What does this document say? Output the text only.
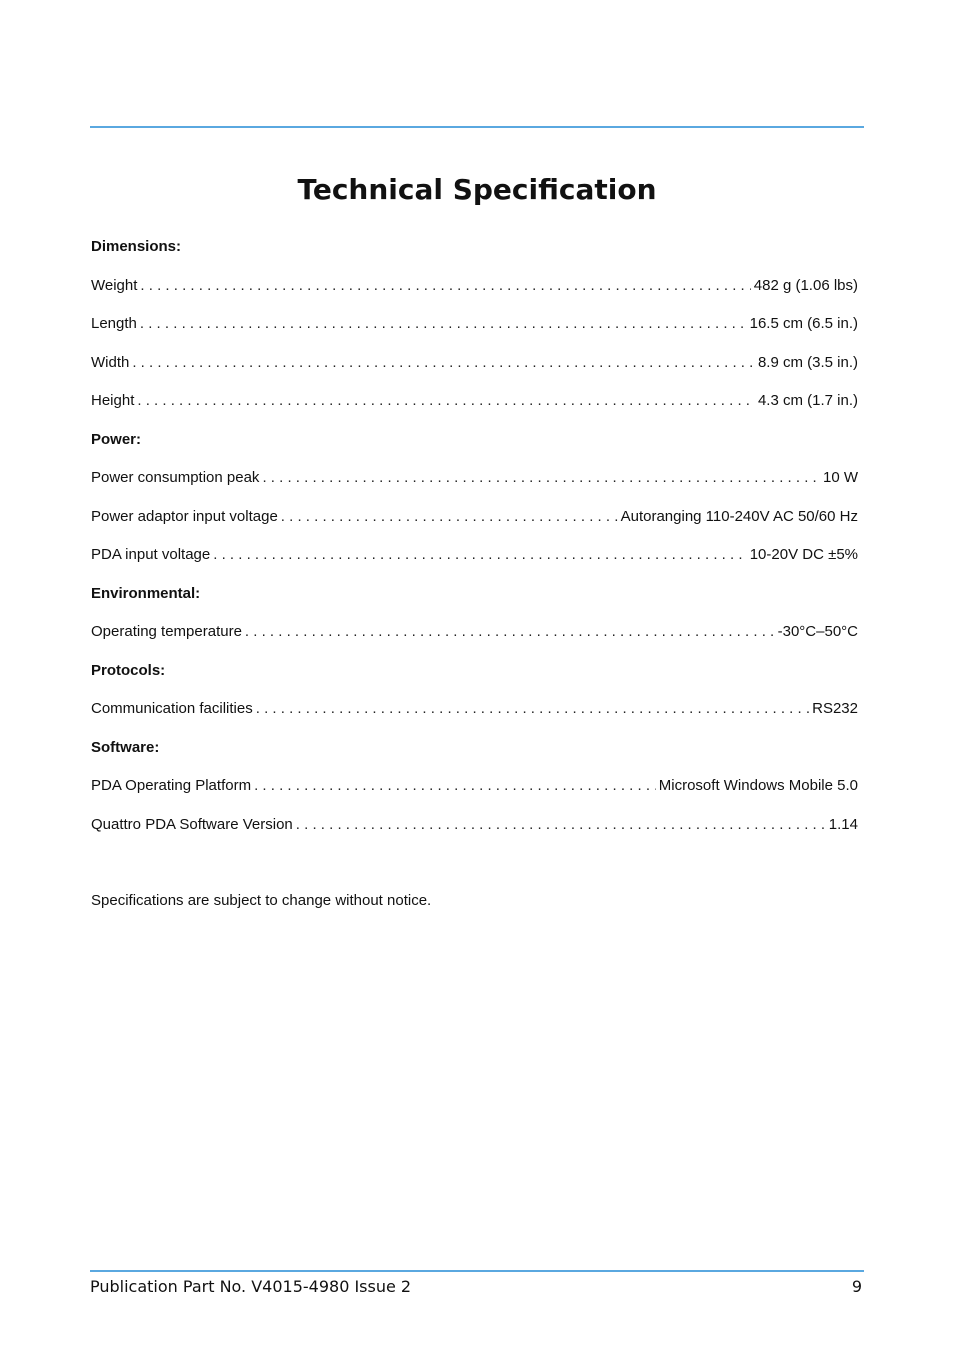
Technical Specification
Dimensions:
Weight . . .	482 g (1.06 lbs)
Length . . .	16.5 cm (6.5 in.)
Width . . .	8.9 cm (3.5 in.)
Height . . .	4.3 cm (1.7 in.)
Power:
Power consumption peak . . .	10 W
Power adaptor input voltage . . .	Autoranging 110-240V AC 50/60 Hz
PDA input voltage . . .	10-20V DC ±5%
Environmental:
Operating temperature . . .	-30°C–50°C
Protocols:
Communication facilities . . .	RS232
Software:
PDA Operating Platform . . .	Microsoft Windows Mobile 5.0
Quattro PDA Software Version . . .	1.14
Specifications are subject to change without notice.
Publication Part No. V4015-4980 Issue 2	9
